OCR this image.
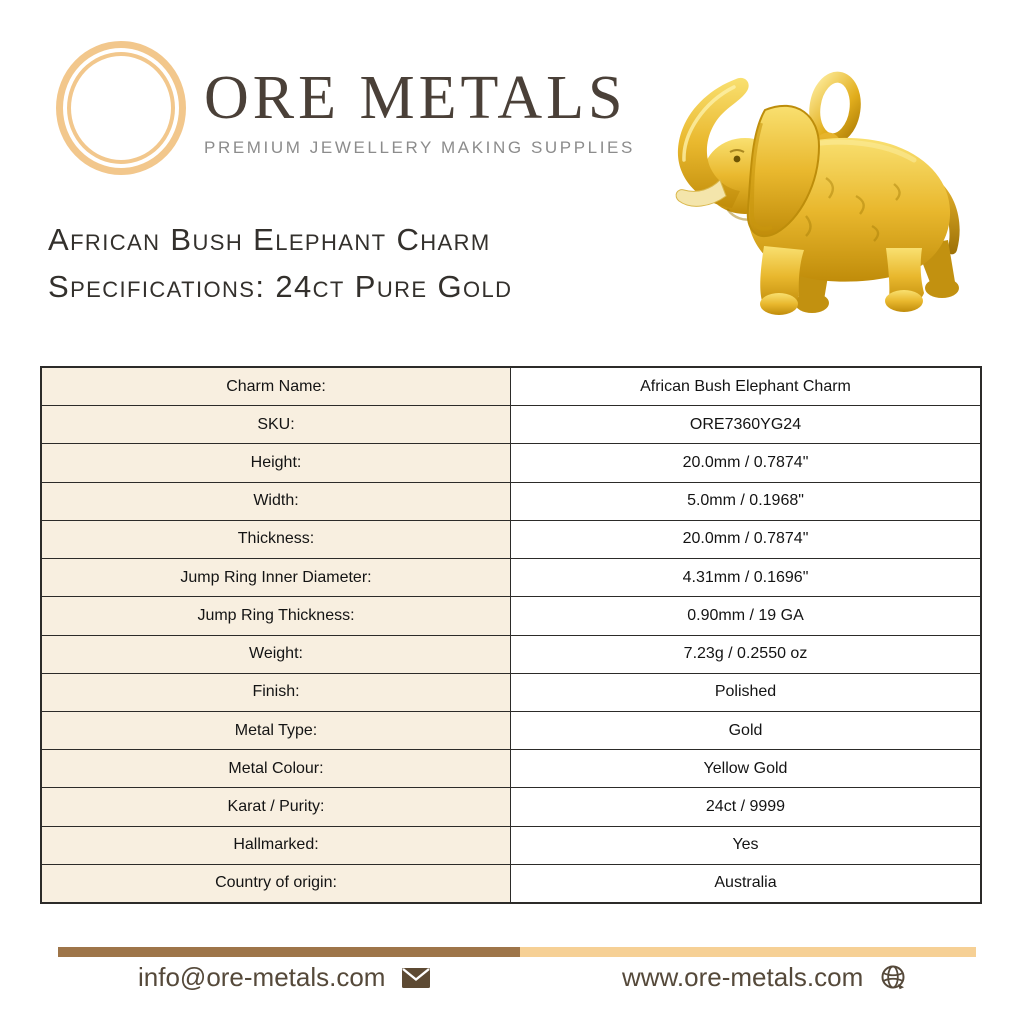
ORE METALS
PREMIUM JEWELLERY MAKING SUPPLIES
African Bush Elephant Charm
Specifications: 24ct Pure Gold
Charm Name:	African Bush Elephant Charm
SKU:	ORE7360YG24
Height:	20.0mm / 0.7874"
Width:	5.0mm / 0.1968"
Thickness:	20.0mm / 0.7874"
Jump Ring Inner Diameter:	4.31mm / 0.1696"
Jump Ring Thickness:	0.90mm / 19 GA
Weight:	7.23g / 0.2550 oz
Finish:	Polished
Metal Type:	Gold
Metal Colour:	Yellow Gold
Karat / Purity:	24ct / 9999
Hallmarked:	Yes
Country of origin:	Australia
info@ore-metals.com	www.ore-metals.com
